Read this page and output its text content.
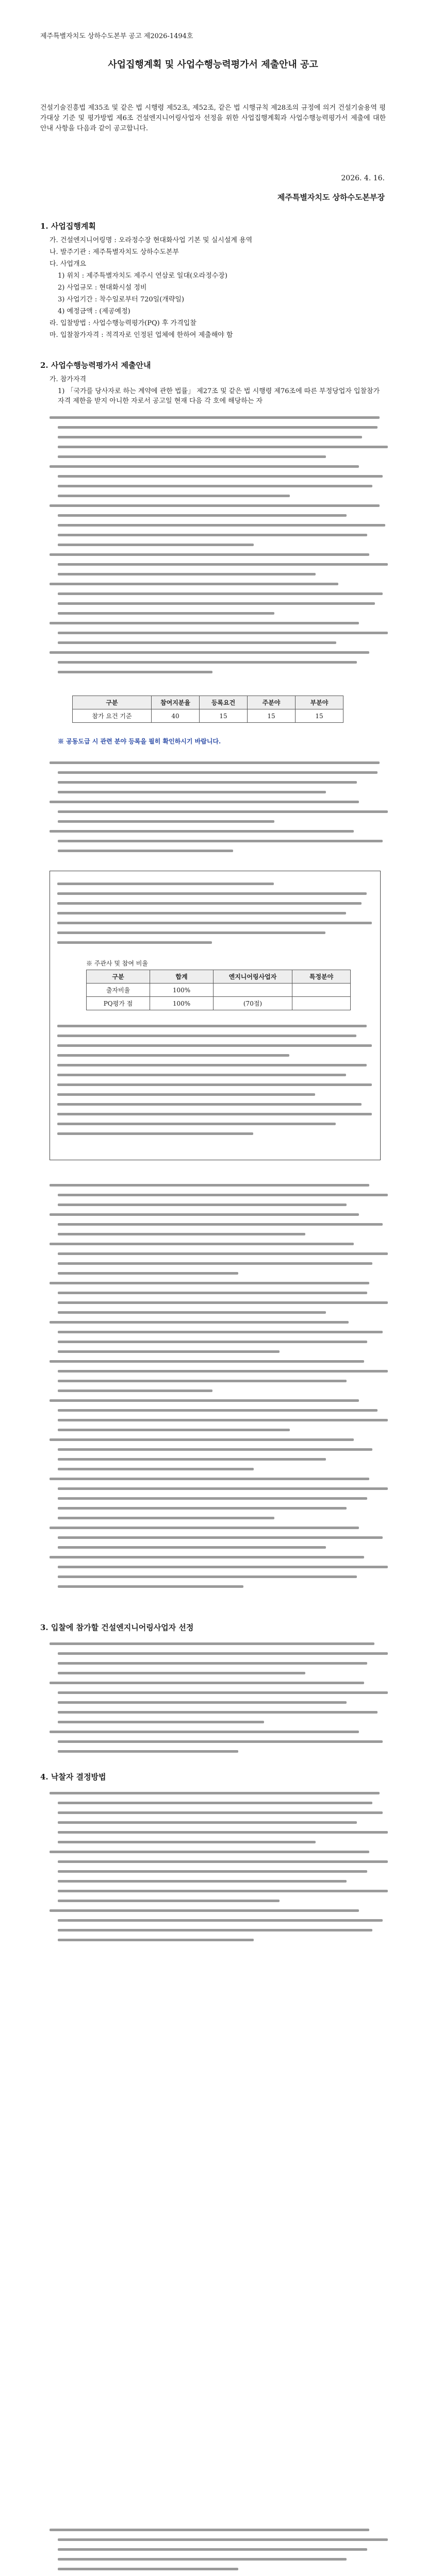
제주특별자치도 상하수도본부 공고 제2026-1494호
사업집행계획 및 사업수행능력평가서 제출안내 공고
건설기술진흥법 제35조 및 같은 법 시행령 제52조, 제52조, 같은 법 시행규칙 제28조의 규정에 의거 건설기술용역 평가대상 기준 및 평가방법 제6조 건설엔지니어링사업자 선정을 위한 사업집행계획과 사업수행능력평가서 제출에 대한 안내 사항을 다음과 같이 공고합니다.
2026. 4. 16.
제주특별자치도 상하수도본부장
1. 사업집행계획

가. 건설엔지니어링명 : 오라정수장 현대화사업 기본 및 실시설계 용역

나. 발주기관 : 제주특별자치도 상하수도본부

다. 사업개요

1) 위치 : 제주특별자치도 제주시 연삼로 일대(오라정수장)

2) 사업규모 : 현대화시설 정비

3) 사업기간 : 착수일로부터 720일(개략일)

4) 예정금액 : (제공예정)

라. 입찰방법 : 사업수행능력평가(PQ) 후 가격입찰

마. 입찰참가자격 : 적격자로 인정된 업체에 한하여 제출해야 함

2. 사업수행능력평가서 제출안내

가. 참가자격

1) 「국가를 당사자로 하는 계약에 관한 법률」 제27조 및 같은 법 시행령 제76조에 따른 부정당업자 입찰참가자격 제한을 받지 아니한 자로서 공고일 현재 다음 각 호에 해당하는 자

구분	참여지분율	등록요건	주분야	부분야
참가 요건 기준	40	15	15	15

※ 공동도급 시 관련 분야 등록을 필히 확인하시기 바랍니다.

※ 주관사 및 참여 비율
구분	합계	엔지니어링사업자	특정분야
출자비율	100%		
PQ평가 점	100%	(70점)	
3. 입찰에 참가할 건설엔지니어링사업자 선정
4. 낙찰자 결정방법
